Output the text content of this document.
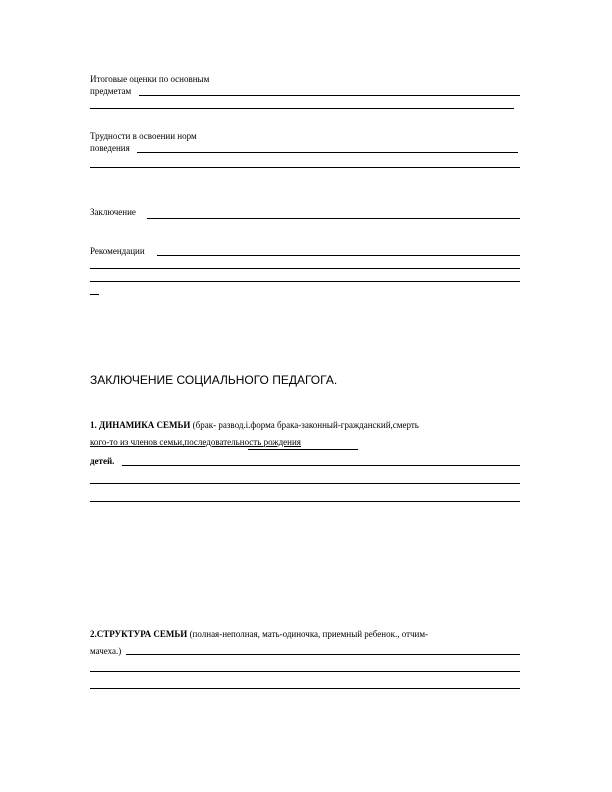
Итоговые оценки по основным
предметам
Трудности в освоении норм
поведения
Заключение
Рекомендации
ЗАКЛЮЧЕНИЕ СОЦИАЛЬНОГО ПЕДАГОГА.
1. ДИНАМИКА СЕМЬИ (брак- развод.і.форма брака-законный-гражданский,смерть
кого-то из членов семьи,последовательность рождения
детей.
2.СТРУКТУРА СЕМЬИ (полная-неполная, мать-одиночка, приемный ребенок., отчим-
мачеха.)
